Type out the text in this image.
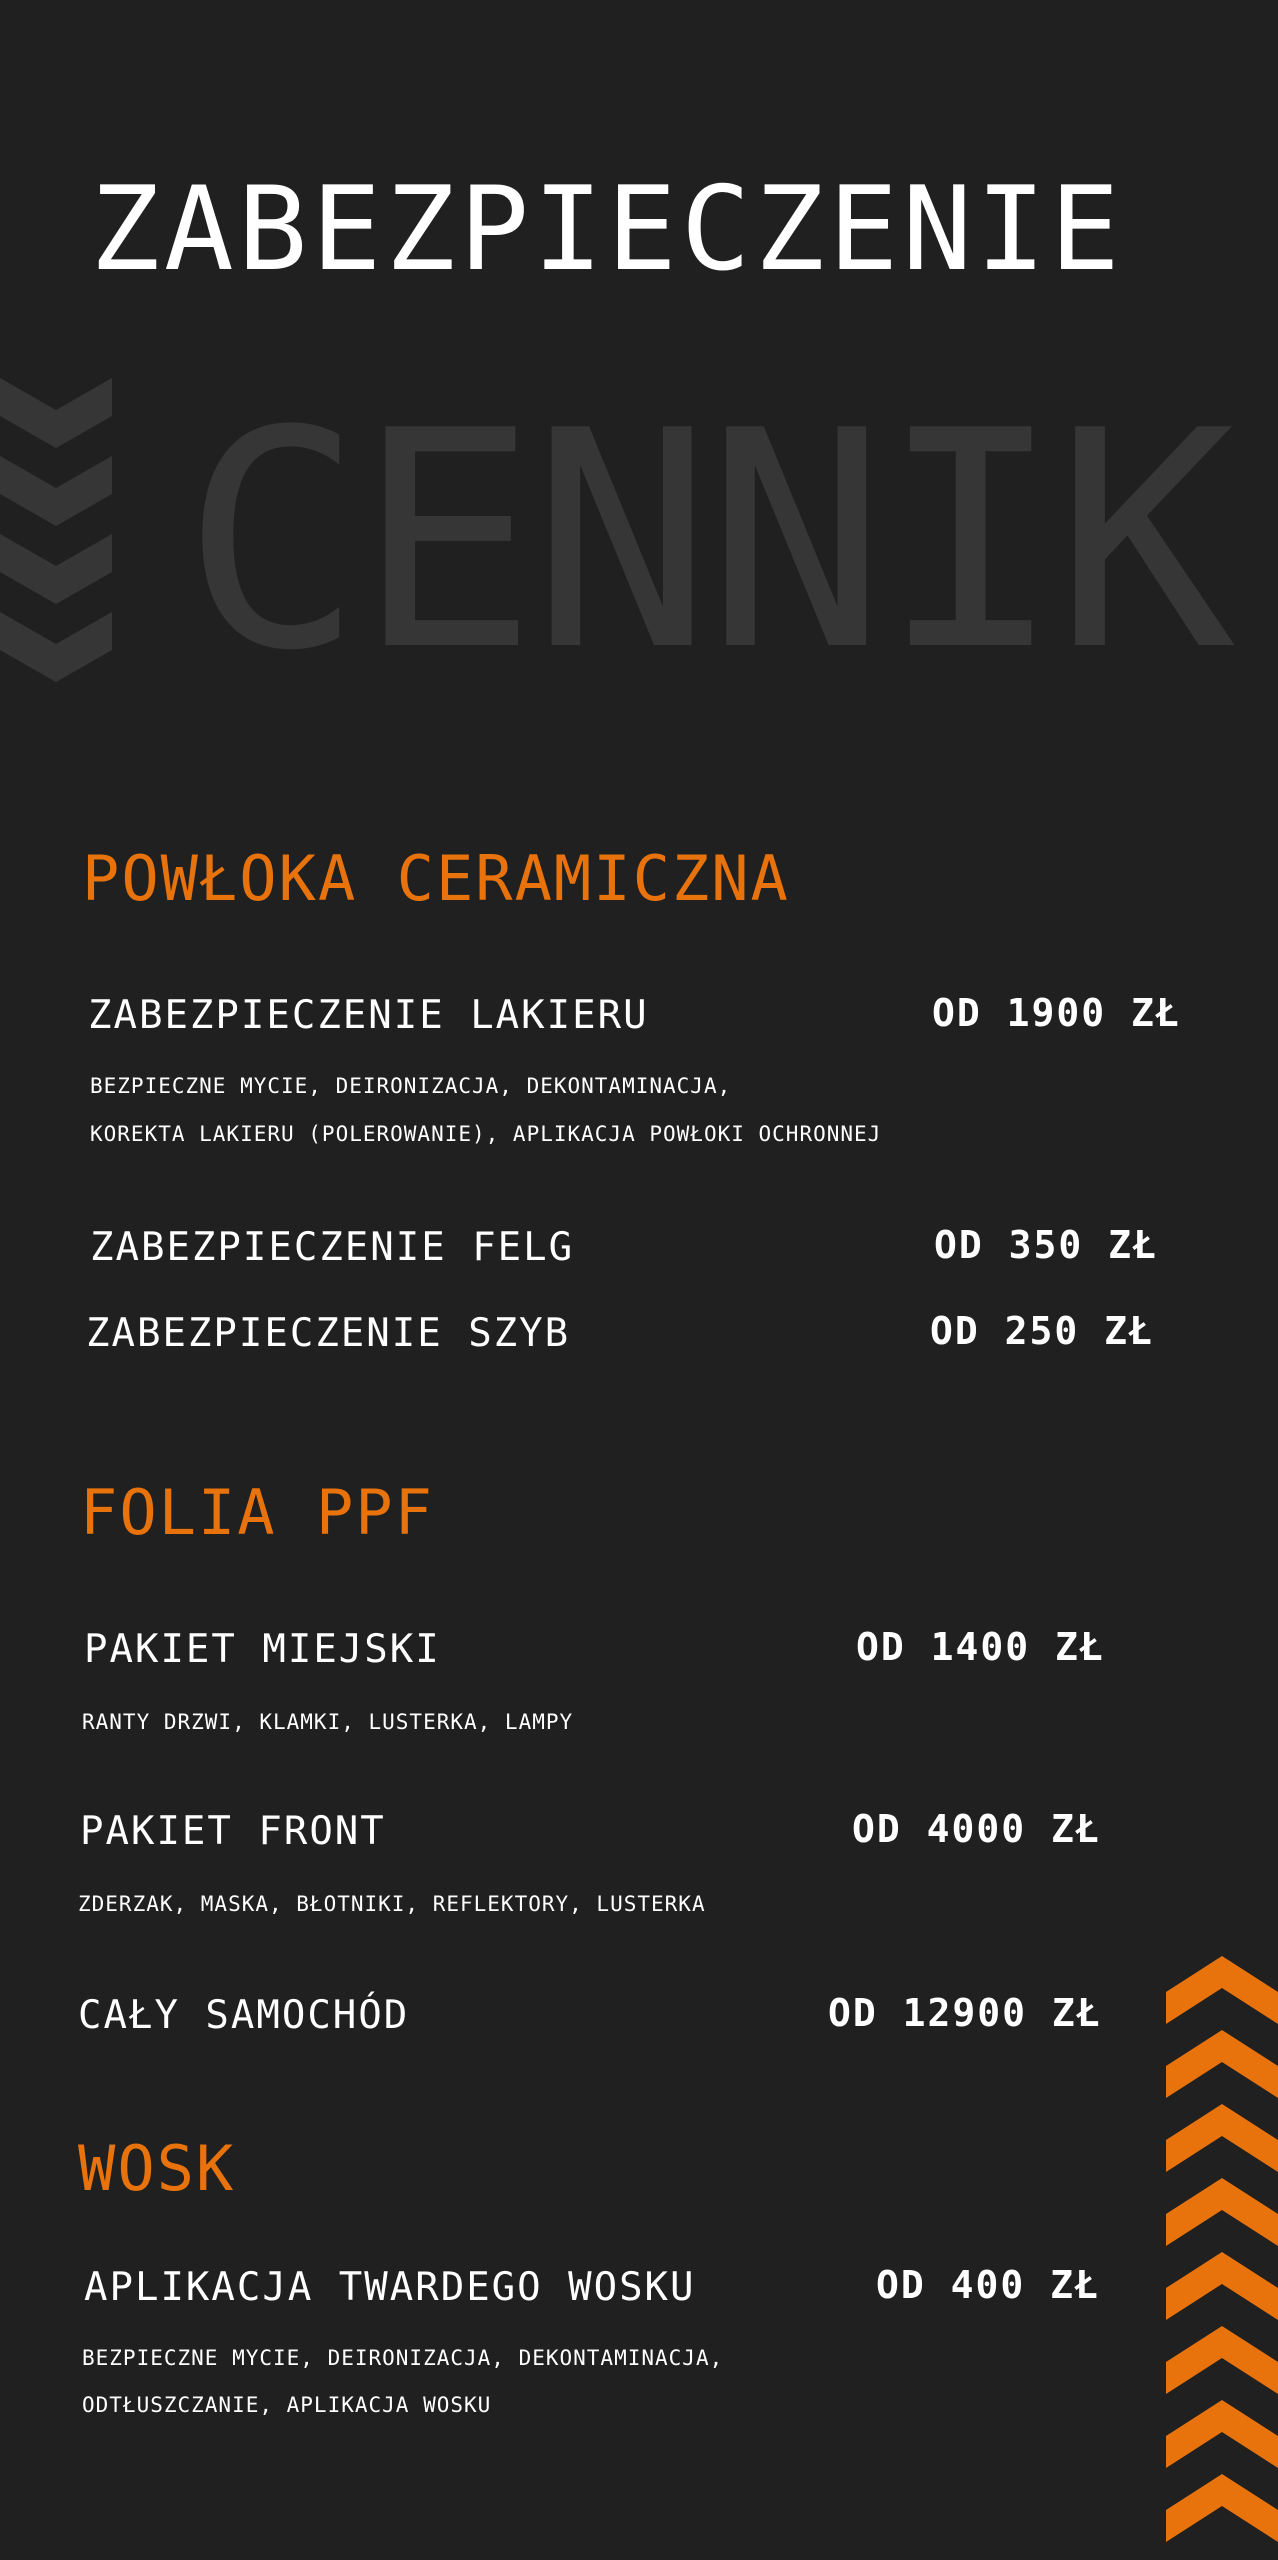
CENNIK
ZABEZPIECZENIE
POWŁOKA CERAMICZNA
ZABEZPIECZENIE LAKIERU	OD 1900 ZŁ
BEZPIECZNE MYCIE, DEIRONIZACJA, DEKONTAMINACJA,
KOREKTA LAKIERU (POLEROWANIE), APLIKACJA POWŁOKI OCHRONNEJ
ZABEZPIECZENIE FELG	OD 350 ZŁ
ZABEZPIECZENIE SZYB	OD 250 ZŁ
FOLIA PPF
PAKIET MIEJSKI	OD 1400 ZŁ
RANTY DRZWI, KLAMKI, LUSTERKA, LAMPY
PAKIET FRONT	OD 4000 ZŁ
ZDERZAK, MASKA, BŁOTNIKI, REFLEKTORY, LUSTERKA
CAŁY SAMOCHÓD	OD 12900 ZŁ
WOSK
APLIKACJA TWARDEGO WOSKU	OD 400 ZŁ
BEZPIECZNE MYCIE, DEIRONIZACJA, DEKONTAMINACJA,
ODTŁUSZCZANIE, APLIKACJA WOSKU
